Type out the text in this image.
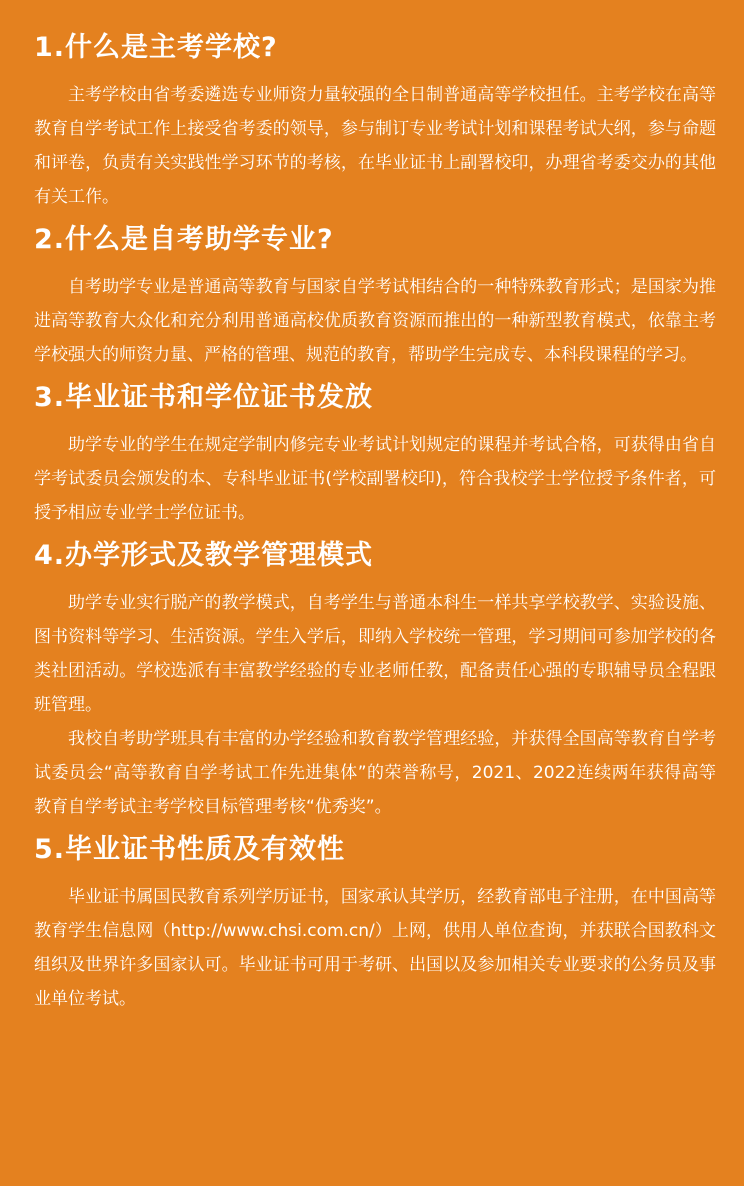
1.什么是主考学校?

主考学校由省考委遴选专业师资力量较强的全日制普通高等学校担任。主考学校在高等教育自学考试工作上接受省考委的领导，参与制订专业考试计划和课程考试大纲，参与命题和评卷，负责有关实践性学习环节的考核，在毕业证书上副署校印，办理省考委交办的其他有关工作。

2.什么是自考助学专业?

自考助学专业是普通高等教育与国家自学考试相结合的一种特殊教育形式；是国家为推进高等教育大众化和充分利用普通高校优质教育资源而推出的一种新型教育模式，依靠主考学校强大的师资力量、严格的管理、规范的教育，帮助学生完成专、本科段课程的学习。

3.毕业证书和学位证书发放

助学专业的学生在规定学制内修完专业考试计划规定的课程并考试合格，可获得由省自学考试委员会颁发的本、专科毕业证书(学校副署校印)，符合我校学士学位授予条件者，可授予相应专业学士学位证书。

4.办学形式及教学管理模式

助学专业实行脱产的教学模式，自考学生与普通本科生一样共享学校教学、实验设施、图书资料等学习、生活资源。学生入学后，即纳入学校统一管理，学习期间可参加学校的各类社团活动。学校选派有丰富教学经验的专业老师任教，配备责任心强的专职辅导员全程跟班管理。

我校自考助学班具有丰富的办学经验和教育教学管理经验，并获得全国高等教育自学考试委员会“高等教育自学考试工作先进集体”的荣誉称号，2021、2022连续两年获得高等教育自学考试主考学校目标管理考核“优秀奖”。

5.毕业证书性质及有效性

毕业证书属国民教育系列学历证书，国家承认其学历，经教育部电子注册，在中国高等教育学生信息网（http://www.chsi.com.cn/）上网，供用人单位查询，并获联合国教科文组织及世界许多国家认可。毕业证书可用于考研、出国以及参加相关专业要求的公务员及事业单位考试。
